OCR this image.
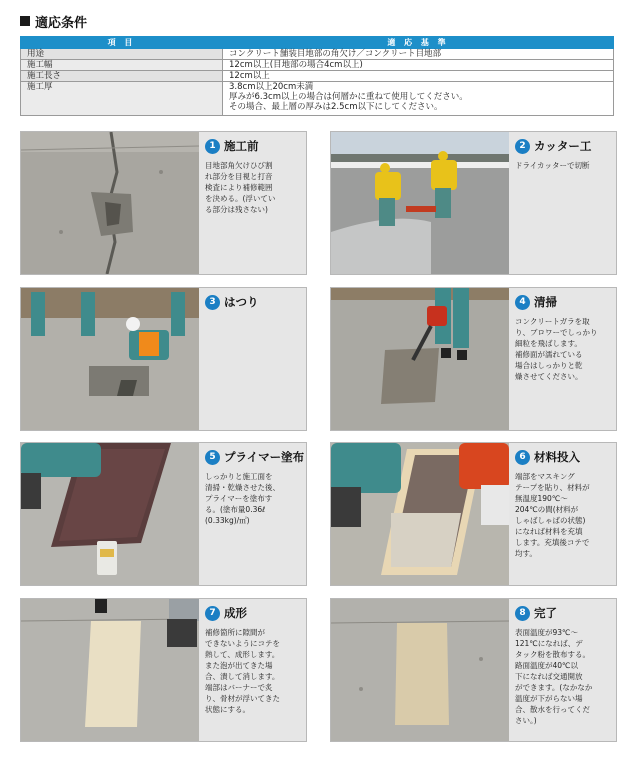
適応条件
項 目	適 応 基 準
用途	コンクリート舗装目地部の角欠け／コンクリート目地部
施工幅	12cm以上(目地部の場合4cm以上)
施工長さ	12cm以上
施工厚	3.8cm以上20cm未満
厚みが6.3cm以上の場合は何層かに重ねて使用してください。
その場合、最上層の厚みは2.5cm以下にしてください。
1 施工前
目地部角欠けひび割
れ部分を目視と打音
検査により補修範囲
を決める。(浮いてい
る部分は残さない)
2 カッター工
ドライカッターで切断
3 はつり	4 清掃
コンクリートガラを取
り、ブロワーでしっかり
細粒を飛ばします。
補修面が濡れている
場合はしっかりと乾
燥させてください。
5 プライマー塗布
しっかりと施工面を
清掃・乾燥させた後、
プライマーを塗布す
る。(塗布量0.36ℓ
(0.33kg)/㎡)
6 材料投入
端部をマスキング
テープを貼り、材料が
無温度190℃～
204℃の間(材料が
しゃばしゃばの状態)
になれば材料を充填
します。充填後コテで
均す。
7 成形
補修箇所に隙間が
できないようにコテを
熱して、成形します。
また泡が出てきた場
合、潰して消します。
端部はバーナーで炙
り、骨材が浮いてきた
状態にする。
8 完了
表面温度が93℃～
121℃になれば、デ
タック粉を散布する。
路面温度が40℃以
下になれば交通開放
ができます。(なかなか
温度が下がらない場
合、散水を行ってくだ
さい。)
